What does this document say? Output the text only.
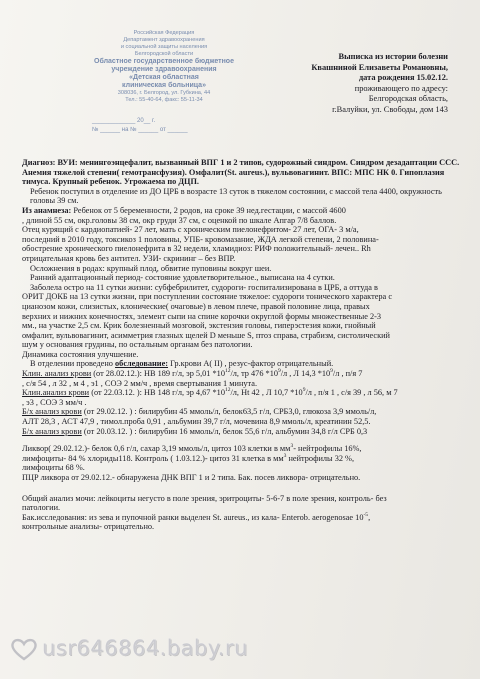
Российская Федерация
Департамент здравоохранения
и социальной защиты населения
Белгородской области
Областное государственное бюджетное
учреждение здравоохранения
«Детская областная
клиническая больница»
308036, г. Белгород, ул. Губкина, 44
Тел.: 55-40-64, факс: 55-11-34
_____________ 20__ г.
№ ______ на № ______ от ______
Выписка из истории болезни
Квашниной Елизаветы Романовны,
дата рождения 15.02.12.
проживающего по адресу:
Белгородская область,
г.Валуйки, ул. Свободы, дом 143

Диагноз: ВУИ: менингоэнцефалит, вызванный ВПГ 1 и 2 типов, судорожный синдром. Синдром дезадаптации ССС. Анемия тяжелой степени( гемотрансфузия). Омфалит(St. aureus.), вульвовагинит. ВПС: МПС НК 0. Гипоплазия тимуса. Крупный ребенок. Угрожаема по ДЦП.

Ребенок поступил в отделение из ДО ЦРБ в возрасте 13 суток в тяжелом состоянии, с массой тела 4400, окружность головы 39 см.

Из анамнеза: Ребенок от 5 беременности, 2 родов, на сроке 39 нед.гестации, с массой 4600

, длиной 55 см, окр.головы 38 см, окр груди 37 см, с оценкой по шкале Апгар 7/8 баллов.

Отец курящий с кардиопатией- 27 лет, мать с хроническим пиелонефритом- 27 лет, ОГА- 3 м/а,

последний в 2010 году, токсикоз 1 половины, УПБ- кровомазание, ЖДА легкой степени, 2 половина-

обострение хронического пиелонефрита в 32 недели, хламидиоз: РИФ положительный- лечен.. Rh

отрицательная кровь без антител. УЗИ- скрининг – без ВПР.

Осложнения в родах: крупный плод, обвитие пуповины вокруг шеи.

Ранний адаптационный период- состояние удовлетворительное., выписана на 4 сутки.

Заболела остро на 11 сутки жизни: субфебрилитет, судороги- госпитализирована в ЦРБ, а оттуда в

ОРИТ ДОКБ на 13 сутки жизни, при поступлении состояние тяжелое: судороги тонического характера с

цианозом кожи, слизистых, клонические( очаговые) в левом плече, правой половине лица, правых

верхних и нижних конечностях, элемент сыпи на спине корочки округлой формы множественные 2-3

мм., на участке 2,5 см. Крик болезненный мозговой, экстензия головы, гиперэстезия кожи, гнойный

омфалит, вульвовагинит, асимметрия глазных щелей D меньше S, птоз справа, страбизм, систолический

шум у основания грудины, по остальным органам без патологии.

Динамика состояния улучшение.

В отделении проведено обследование: Гр.крови А( II) , резус-фактор отрицательный.

Клин. анализ крови (от 28.02.12.): НВ 189 г/л, эр 5,01 $*10^{12}/л$, тр 476 $*10^9/л$ , Л 14,3 $*10^9/л$ , п/я 7

, с/я 54 , л 32 , м 4 , э1 , СОЭ 2 мм/ч , время свертывания 1 минута.

Клин.анализ крови (от 22.03.12. ): НВ 148 г/л, эр 4,67 $*10^{12}/л$, Нt 42 , Л 10,7 $*10^9/л$ , п/я 1 , с/я 39 , л 56, м 7

, э3 , СОЭ 3 мм/ч .

Б/х анализ крови (от 29.02.12. ) : билирубин 45 ммоль/л, белок63,5 г/л, СРБ3,0, глюкоза 3,9 ммоль/л,

АЛТ 28,3 , АСТ 47,9 , тимол.проба 0,91 , альбумин 39,7 г/л, мочевина 8,9 ммоль/л, креатинин 52,5.

Б/х анализ крови (от 20.03.12. ) : билирубин 16 ммоль/л, белок 55,6 г/л, альбумин 34,8 г/л СРБ 0,3

Ликвор( 29.02.12.)- белок 0,6 г/л, сахар 3,19 ммоль/л, цитоз 103 клетки в $мм^3-$ нейтрофилы 16%,

лимфоциты- 84 % хлориды118. Контроль ( 1.03.12.)- цитоз 31 клетка в $мм^3$ нейтрофилы 32 %,

лимфоциты 68 %.

ПЦР ликвора от 29.02.12.- обнаружена ДНК ВПГ 1 и 2 типа. Бак. посев ликвора- отрицательно.

Общий анализ мочи: лейкоциты негусто в поле зрения, эритроциты- 5-6-7 в поле зрения, контроль- без

патологии.

Бак.исследования: из зева и пупочной ранки выделен St. aureus., из кала- Enterob. aerogenosae $10^{-5}$,

контрольные анализы- отрицательно.

usr646864.baby.ru
